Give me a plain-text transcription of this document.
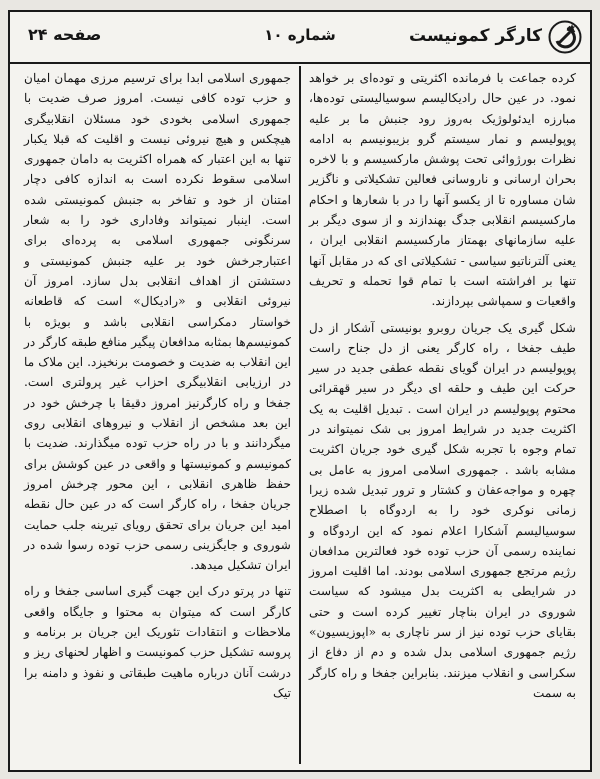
کارگر کمونیست
شماره ۱۰
صفحه ۲۴

کرده جماعت با فرمانده اکثریتی و توده‌ای بر خواهد نمود. در عین حال رادیکالیسم سوسیالیستی توده‌ها، مبارزه ایدئولوژیک به‌روز رود جنبش ما بر علیه پوپولیسم و نمار سیستم گرو بزیبونیسم به ادامه نظرات بورژوائی تحت پوشش مارکسیسم و با لاخره بحران ارسانی و ناروسانی فعالین تشکیلاتی و ناگزیر شان مساوره‌ تا از یکسو آنها را در با شعارها و احکام مارکسیسم انقلابی جدگ بهندازند و از سوی دیگر بر علیه سازمانهای بهمتاز مارکسیسم انقلابی ایران ، یعنی آلترناتیو سیاسی - تشکیلاتی ای که در مقابل آنها تنها بر افراشته است با تمام قوا تحمله و تحریف واقعیات و سمپاشی بپردازند.

شکل گیری یک جریان روبرو بونیستی آشکار از دل طیف جفخا ، راه کارگر یعنی از دل جناح راست پوپولیسم در ایران گویای نقطه عطفی جدید در سیر حرکت این طیف و حلقه ای دیگر در سیر قهقرائی محتوم پوپولیسم در ایران است . تبدیل اقلیت به یک اکثریت جدید در شرایط امروز بی شک نمیتواند در تمام وجوه با تجربه شکل گیری خود جریان اکثریت مشابه باشد . جمهوری اسلامی امروز به عامل بی چهره و مواجه‌عفان و کشتار و ترور تبدیل شده زیرا زمانی نوکری خود را به اردوگاه با اصطلاح سوسیالیسم آشکارا اعلام نمود که این اردوگاه و نماینده رسمی آن حزب توده خود فعالترین مدافعان رژیم مرتجع جمهوری اسلامی بودند. اما اقلیت امروز در شرایطی به اکثریت بدل میشود که سیاست شوروی در ایران بناچار تغییر کرده است و حتی بقایای حزب توده نیز از سر ناچاری به «اپوزیسیون» رژیم جمهوری اسلامی بدل شده و دم از دفاع از سکراسی و انقلاب میزنند. بنابراین جفخا و راه کارگر به سمت

جمهوری اسلامی ابدا برای ترسیم مرزی مهمان امیان و حزب توده کافی نیست. امروز صرف ضدیت با جمهوری اسلامی بخودی خود مسئلان انقلابیگری هیچکس و هیچ نیروئی نیست و اقلیت که قبلا یکبار تنها به این اعتبار که همراه اکثریت به دامان جمهوری اسلامی سقوط نکرده است به اندازه کافی دچار امتنان از خود و تفاخر به جنبش کمونیستی شده است. اینبار نمیتواند وفاداری خود را به شعار سرنگونی جمهوری اسلامی به پرده‌ای برای اعتبارجرخش خود بر علیه جنبش کمونیستی و دستشتن از اهداف انقلابی بدل سازد. امروز آن نیروئی انقلابی و «رادیکال» است که قاطعانه خواستار دمکراسی انقلابی باشد و بویژه با کمونیسم‌ها بمثابه مدافعان پیگیر منافع طبقه کارگر در این انقلاب به ضدیت و خصومت برنخیزد. این ملاک ما در ارزیابی انقلابیگری احزاب غیر پرولتری است. جفخا و راه کارگرنیز امروز دقیقا با چرخش خود در این بعد مشخص از انقلاب و نیروهای انقلابی روی میگردانند و با در راه حزب توده میگذارند. ضدیت با کمونیسم و کمونیستها و واقعی در عین کوشش برای حفظ ظاهری انقلابی ، این محور چرخش امروز جریان جفخا ، راه کارگر است که در عین حال نقطه امید این جریان برای تحقق رویای تیرینه جلب حمایت شوروی و جایگزینی رسمی حزب توده رسوا شده در ایران تشکیل میدهد.

تنها در پرتو درک این جهت گیری اساسی جفخا و راه کارگر است که میتوان به محتوا و جایگاه واقعی ملاحظات و انتقادات تئوریک این جریان بر برنامه و پروسه تشکیل حزب کمونیست و اظهار لحنهای ریز و درشت آنان درباره ماهیت طبقاتی و نفوذ و دامنه برا تیک
